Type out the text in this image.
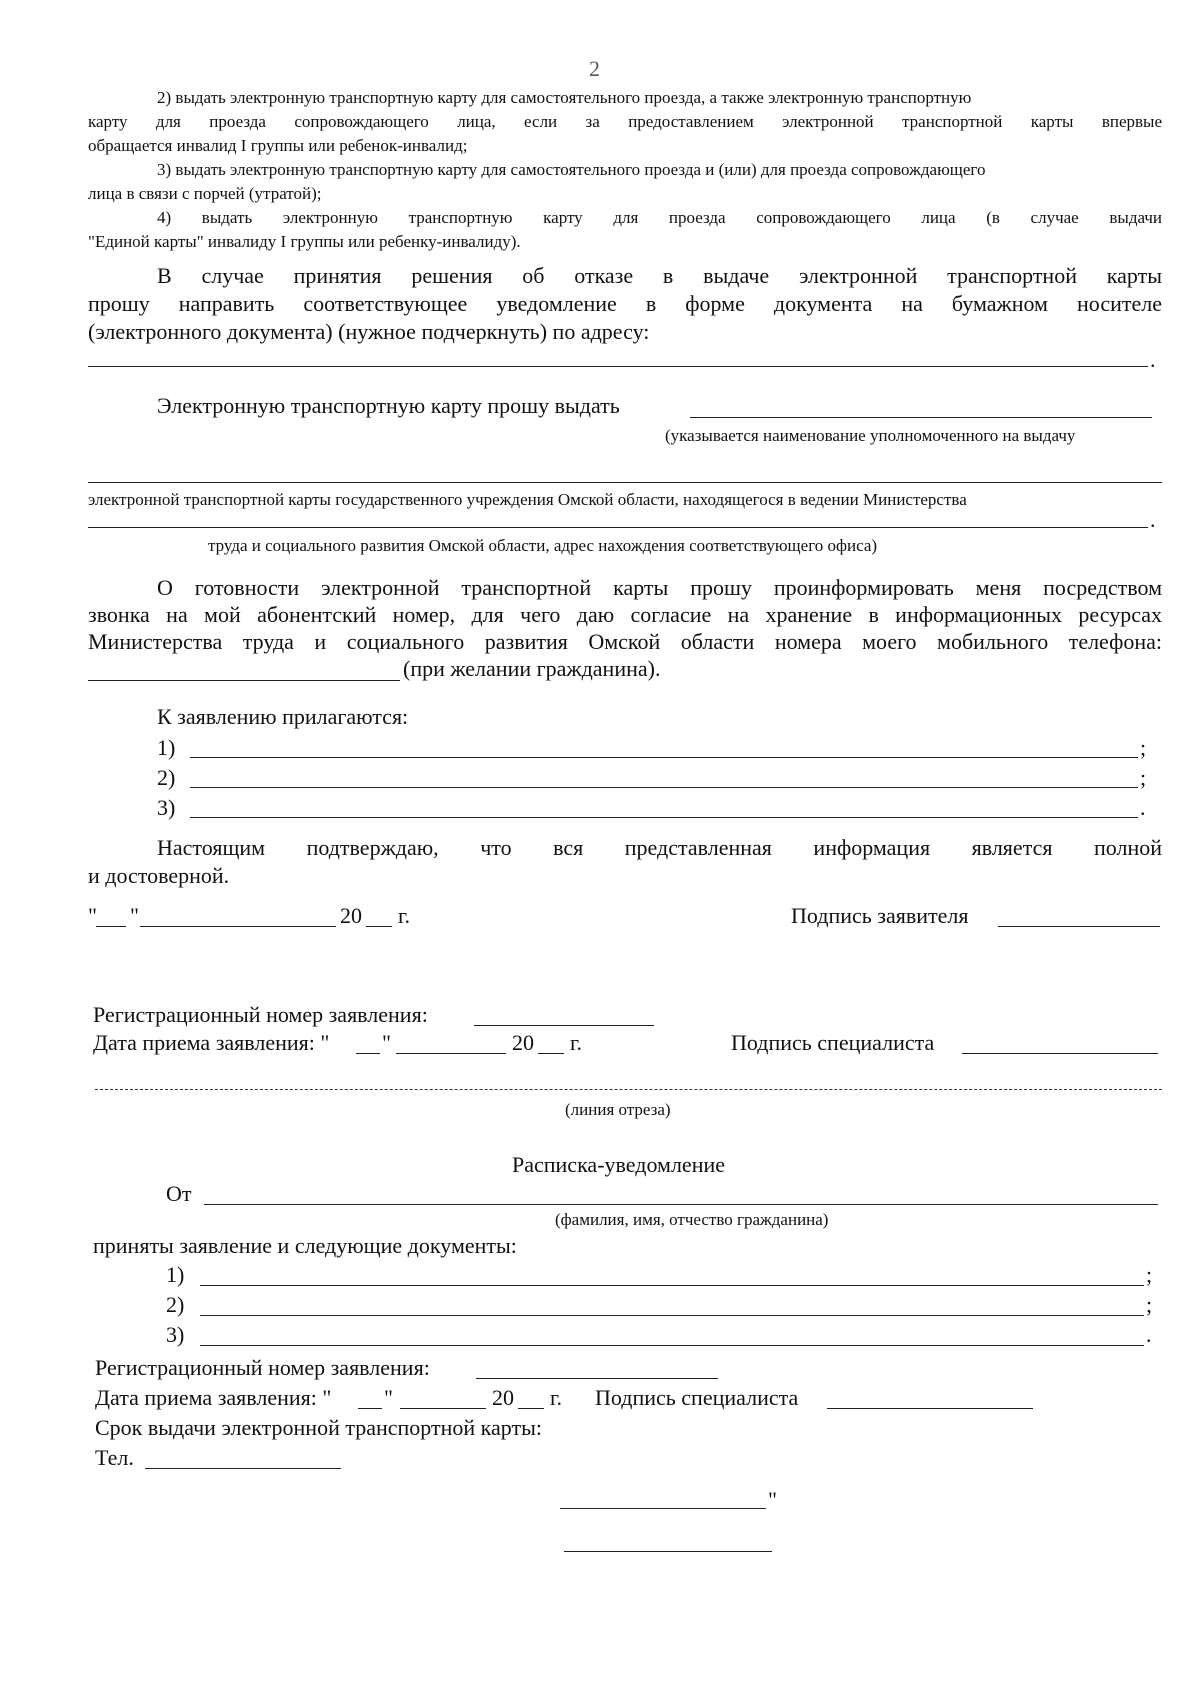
2
2) выдать электронную транспортную карту для самостоятельного проезда, а также электронную транспортную
карту для проезда сопровождающего лица, если за предоставлением электронной транспортной карты впервые
обращается инвалид I группы или ребенок-инвалид;
3) выдать электронную транспортную карту для самостоятельного проезда и (или) для проезда сопровождающего
лица в связи с порчей (утратой);
4) выдать электронную транспортную карту для проезда сопровождающего лица (в случае выдачи
"Единой карты" инвалиду I группы или ребенку-инвалиду).
В случае принятия решения об отказе в выдаче электронной транспортной карты
прошу направить соответствующее уведомление в форме документа на бумажном носителе
(электронного документа) (нужное подчеркнуть) по адресу:
.
Электронную транспортную карту прошу выдать
(указывается наименование уполномоченного на выдачу
электронной транспортной карты государственного учреждения Омской области, находящегося в ведении Министерства
.
труда и социального развития Омской области, адрес нахождения соответствующего офиса)
О готовности электронной транспортной карты прошу проинформировать меня посредством
звонка на мой абонентский номер, для чего даю согласие на хранение в информационных ресурсах
Министерства труда и социального развития Омской области номера моего мобильного телефона:
(при желании гражданина).
К заявлению прилагаются:
1)	;
2)	;
3)	.
Настоящим подтверждаю, что вся представленная информация является полной
и достоверной.
" "	20 г.	Подпись заявителя
Регистрационный номер заявления:
Дата приема заявления: " "	20 г.	Подпись специалиста
(линия отреза)
Расписка-уведомление
От
(фамилия, имя, отчество гражданина)
приняты заявление и следующие документы:
1)	;
2)	;
3)	.
Регистрационный номер заявления:
Дата приема заявления: " "	20 г. Подпись специалиста
Срок выдачи электронной транспортной карты:
Тел.
"
